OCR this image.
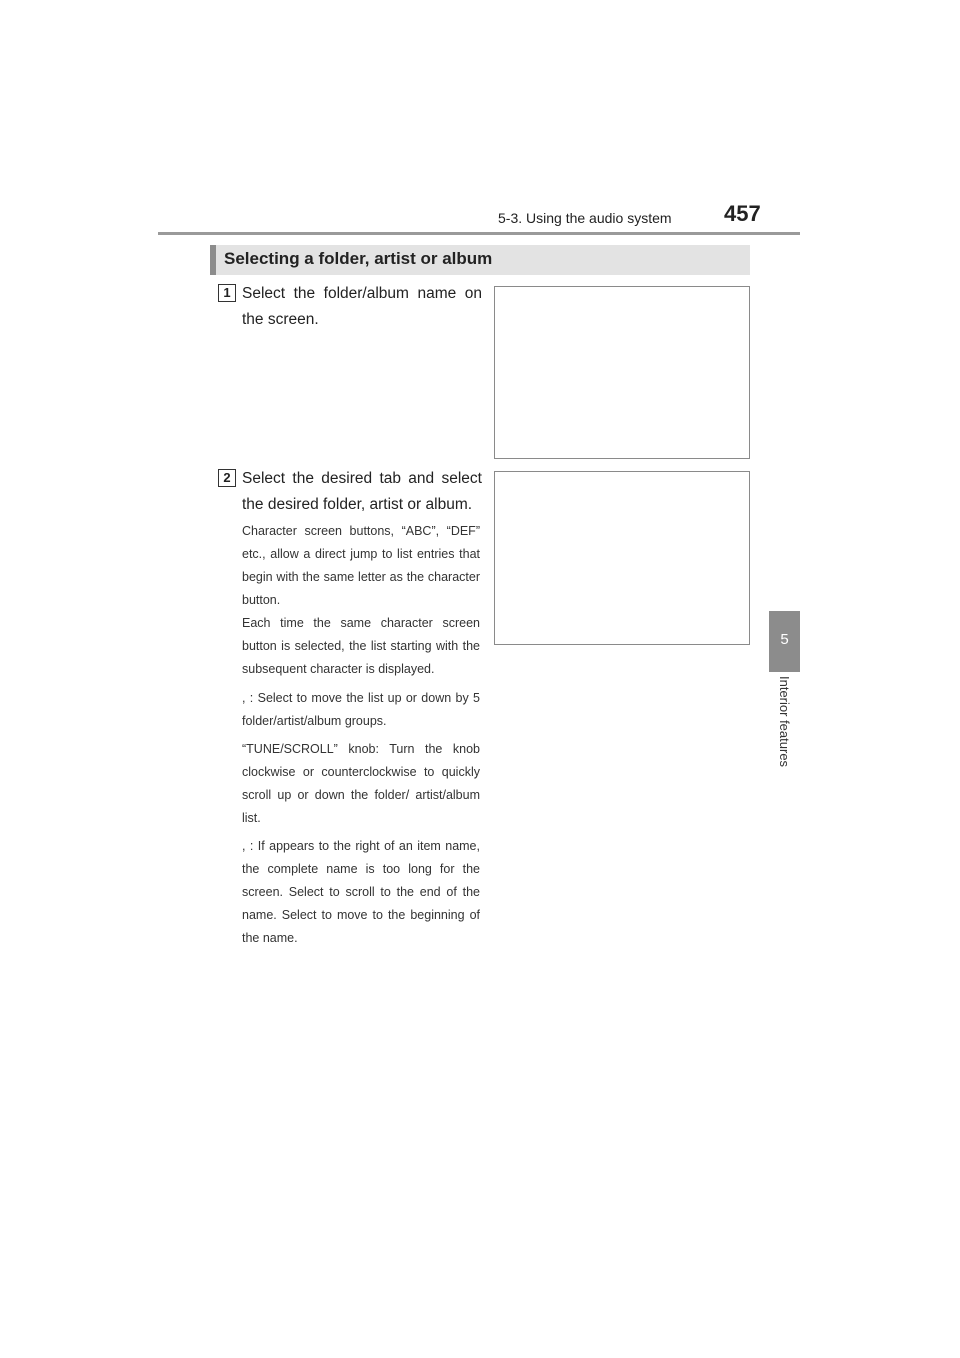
5-3. Using the audio system 457
5
Interior features
Selecting a folder, artist or album
1 Select the folder/album name on the screen.
2 Select the desired tab and select the desired folder, artist or album.
Character screen buttons, “ABC”, “DEF” etc., allow a direct jump to list entries that begin with the same letter as the character button.
Each time the same character screen button is selected, the list starting with the subsequent character is displayed.
, : Select to move the list up or down by 5 folder/artist/album groups.
“TUNE/SCROLL” knob: Turn the knob clockwise or counterclockwise to quickly scroll up or down the folder/ artist/album list.
, : If appears to the right of an item name, the complete name is too long for the screen. Select to scroll to the end of the name. Select to move to the beginning of the name.
